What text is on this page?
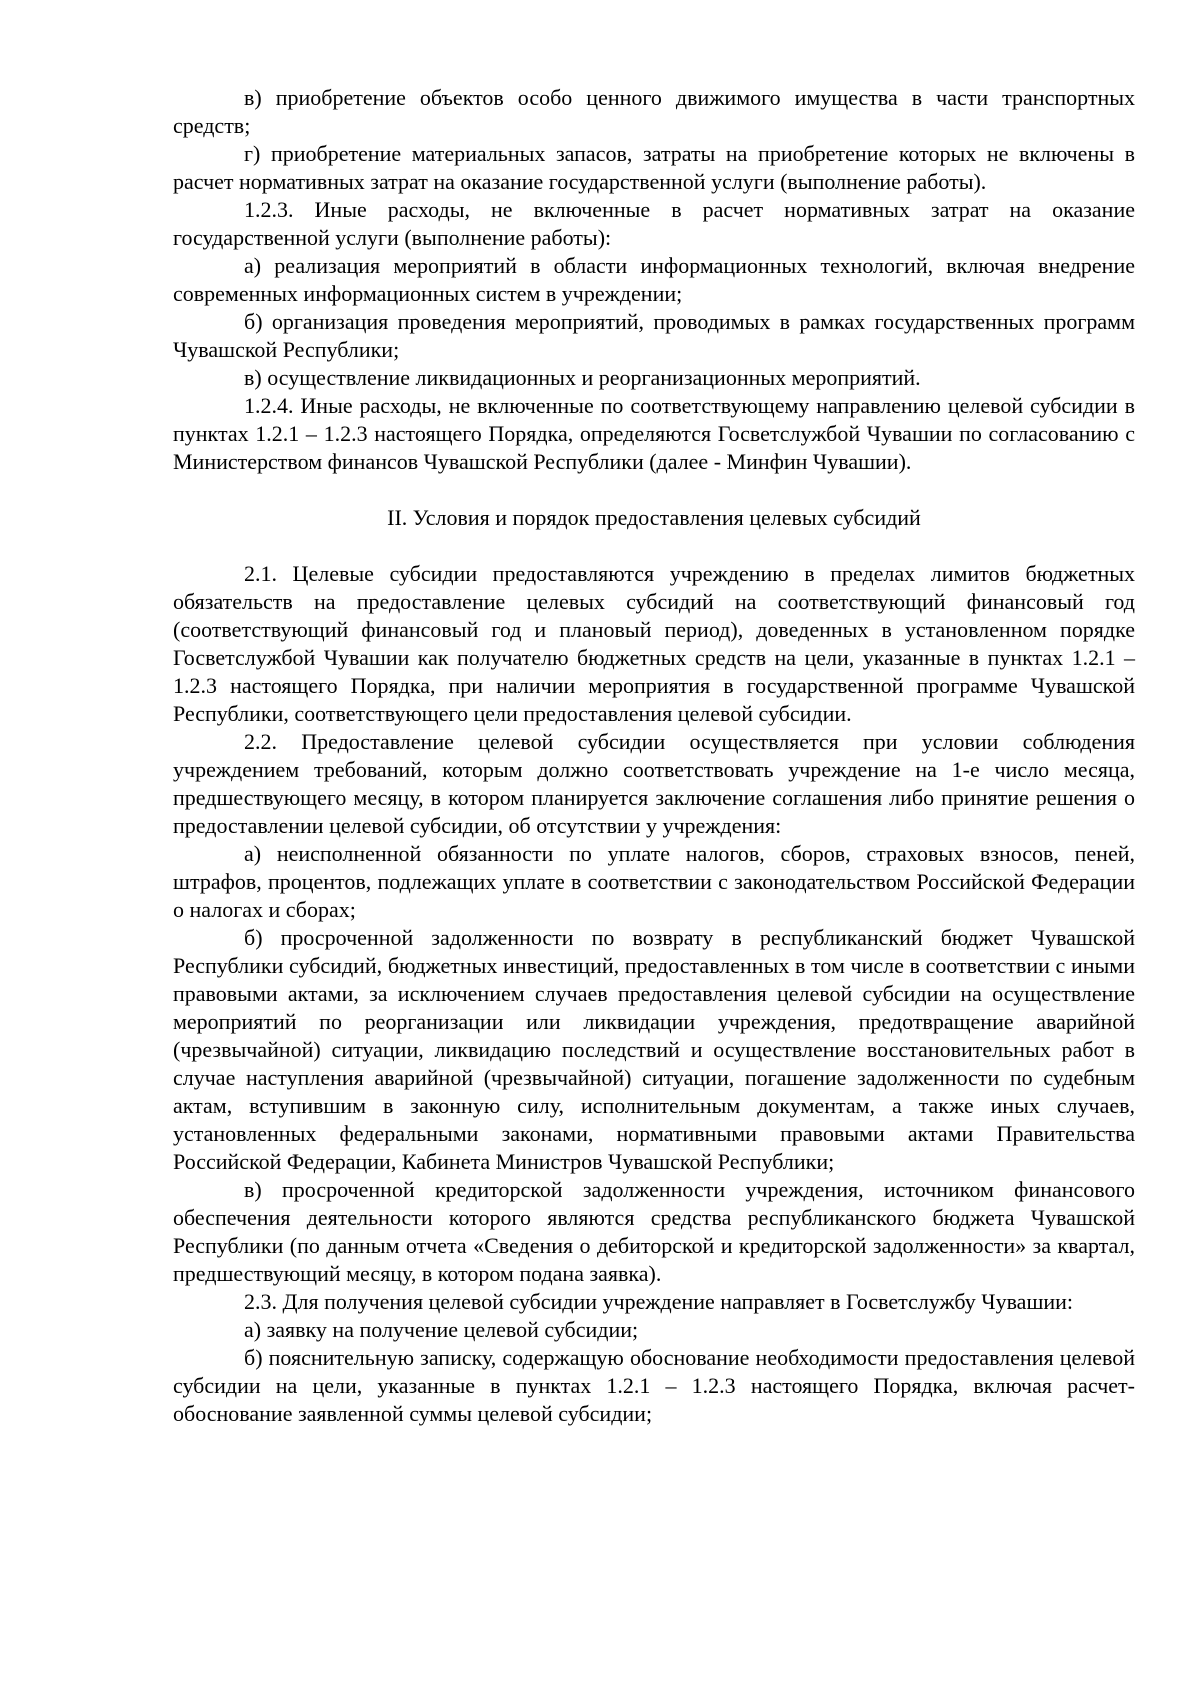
в) приобретение объектов особо ценного движимого имущества в части транспортных средств;

г) приобретение материальных запасов, затраты на приобретение которых не включены в расчет нормативных затрат на оказание государственной услуги (выполнение работы).

1.2.3. Иные расходы, не включенные в расчет нормативных затрат на оказание государственной услуги (выполнение работы):

а) реализация мероприятий в области информационных технологий, включая внедрение современных информационных систем в учреждении;

б) организация проведения мероприятий, проводимых в рамках государственных программ Чувашской Республики;

в) осуществление ликвидационных и реорганизационных мероприятий.

1.2.4. Иные расходы, не включенные по соответствующему направлению целевой субсидии в пунктах 1.2.1 – 1.2.3 настоящего Порядка, определяются Госветслужбой Чувашии по согласованию с Министерством финансов Чувашской Республики (далее - Минфин Чувашии).

II. Условия и порядок предоставления целевых субсидий

2.1. Целевые субсидии предоставляются учреждению в пределах лимитов бюджетных обязательств на предоставление целевых субсидий на соответствующий финансовый год (соответствующий финансовый год и плановый период), доведенных в установленном порядке Госветслужбой Чувашии как получателю бюджетных средств на цели, указанные в пунктах 1.2.1 – 1.2.3 настоящего Порядка, при наличии мероприятия в государственной программе Чувашской Республики, соответствующего цели предоставления целевой субсидии.

2.2. Предоставление целевой субсидии осуществляется при условии соблюдения учреждением требований, которым должно соответствовать учреждение на 1-е число месяца, предшествующего месяцу, в котором планируется заключение соглашения либо принятие решения о предоставлении целевой субсидии, об отсутствии у учреждения:

а) неисполненной обязанности по уплате налогов, сборов, страховых взносов, пеней, штрафов, процентов, подлежащих уплате в соответствии с законодательством Российской Федерации о налогах и сборах;

б) просроченной задолженности по возврату в республиканский бюджет Чувашской Республики субсидий, бюджетных инвестиций, предоставленных в том числе в соответствии с иными правовыми актами, за исключением случаев предоставления целевой субсидии на осуществление мероприятий по реорганизации или ликвидации учреждения, предотвращение аварийной (чрезвычайной) ситуации, ликвидацию последствий и осуществление восстановительных работ в случае наступления аварийной (чрезвычайной) ситуации, погашение задолженности по судебным актам, вступившим в законную силу, исполнительным документам, а также иных случаев, установленных федеральными законами, нормативными правовыми актами Правительства Российской Федерации, Кабинета Министров Чувашской Республики;

в) просроченной кредиторской задолженности учреждения, источником финансового обеспечения деятельности которого являются средства республиканского бюджета Чувашской Республики (по данным отчета «Сведения о дебиторской и кредиторской задолженности» за квартал, предшествующий месяцу, в котором подана заявка).

2.3. Для получения целевой субсидии учреждение направляет в Госветслужбу Чувашии:

а) заявку на получение целевой субсидии;

б) пояснительную записку, содержащую обоснование необходимости предоставления целевой субсидии на цели, указанные в пунктах 1.2.1 – 1.2.3 настоящего Порядка, включая расчет-обоснование заявленной суммы целевой субсидии;
